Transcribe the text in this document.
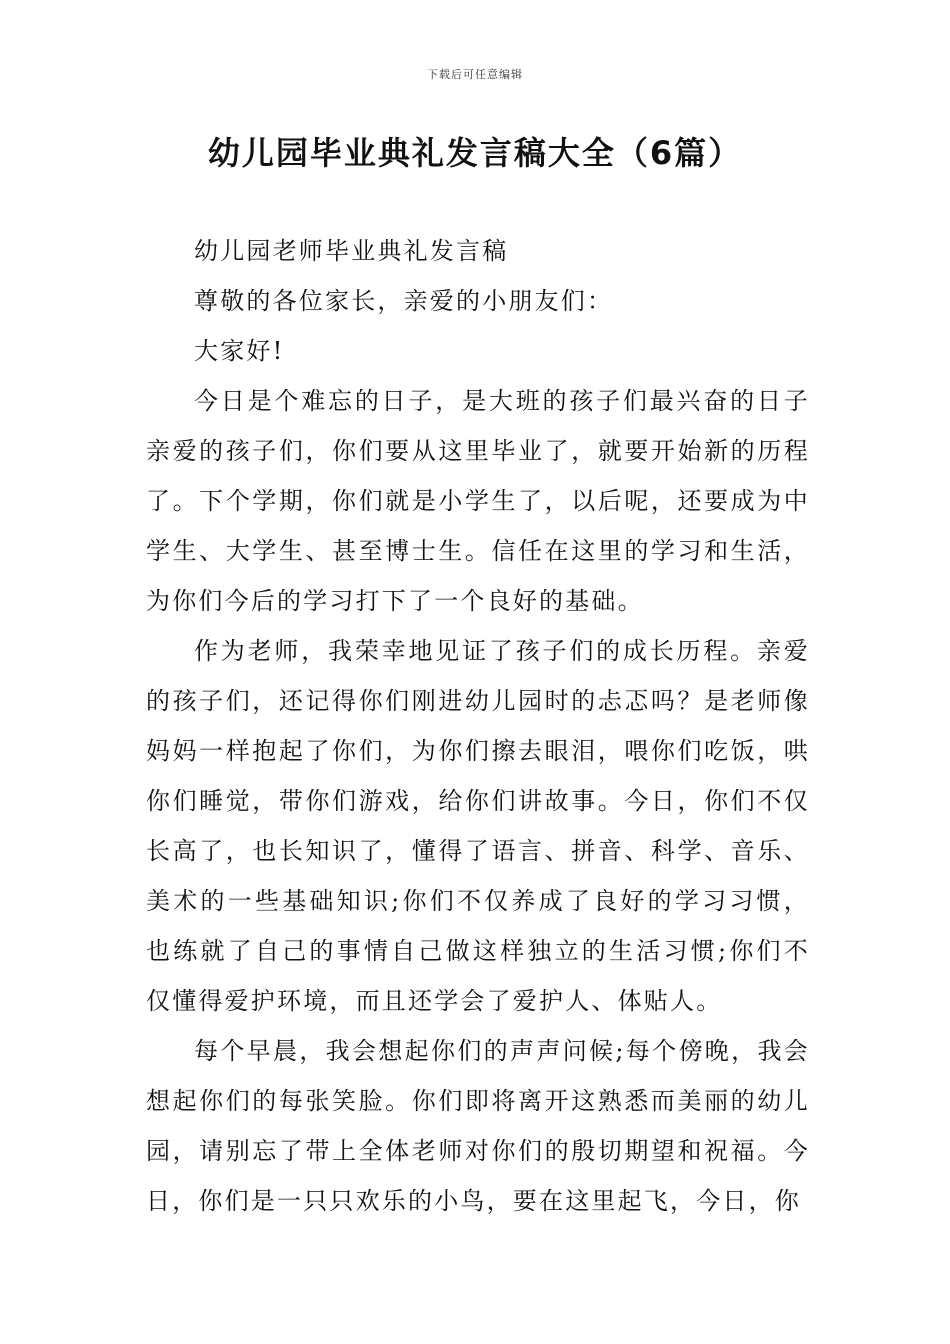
下载后可任意编辑
幼儿园毕业典礼发言稿大全（6篇）

幼儿园老师毕业典礼发言稿

尊敬的各位家长，亲爱的小朋友们：

大家好!

今日是个难忘的日子，是大班的孩子们最兴奋的日子亲爱的孩子们，你们要从这里毕业了，就要开始新的历程了。下个学期，你们就是小学生了，以后呢，还要成为中学生、大学生、甚至博士生。信任在这里的学习和生活，为你们今后的学习打下了一个良好的基础。

作为老师，我荣幸地见证了孩子们的成长历程。亲爱的孩子们，还记得你们刚进幼儿园时的忐忑吗？是老师像妈妈一样抱起了你们，为你们擦去眼泪，喂你们吃饭，哄你们睡觉，带你们游戏，给你们讲故事。今日，你们不仅长高了，也长知识了，懂得了语言、拼音、科学、音乐、美术的一些基础知识;你们不仅养成了良好的学习习惯，也练就了自己的事情自己做这样独立的生活习惯;你们不仅懂得爱护环境，而且还学会了爱护人、体贴人。

每个早晨，我会想起你们的声声问候;每个傍晚，我会想起你们的每张笑脸。你们即将离开这熟悉而美丽的幼儿园，请别忘了带上全体老师对你们的殷切期望和祝福。今日，你们是一只只欢乐的小鸟，要在这里起飞，今日，你
